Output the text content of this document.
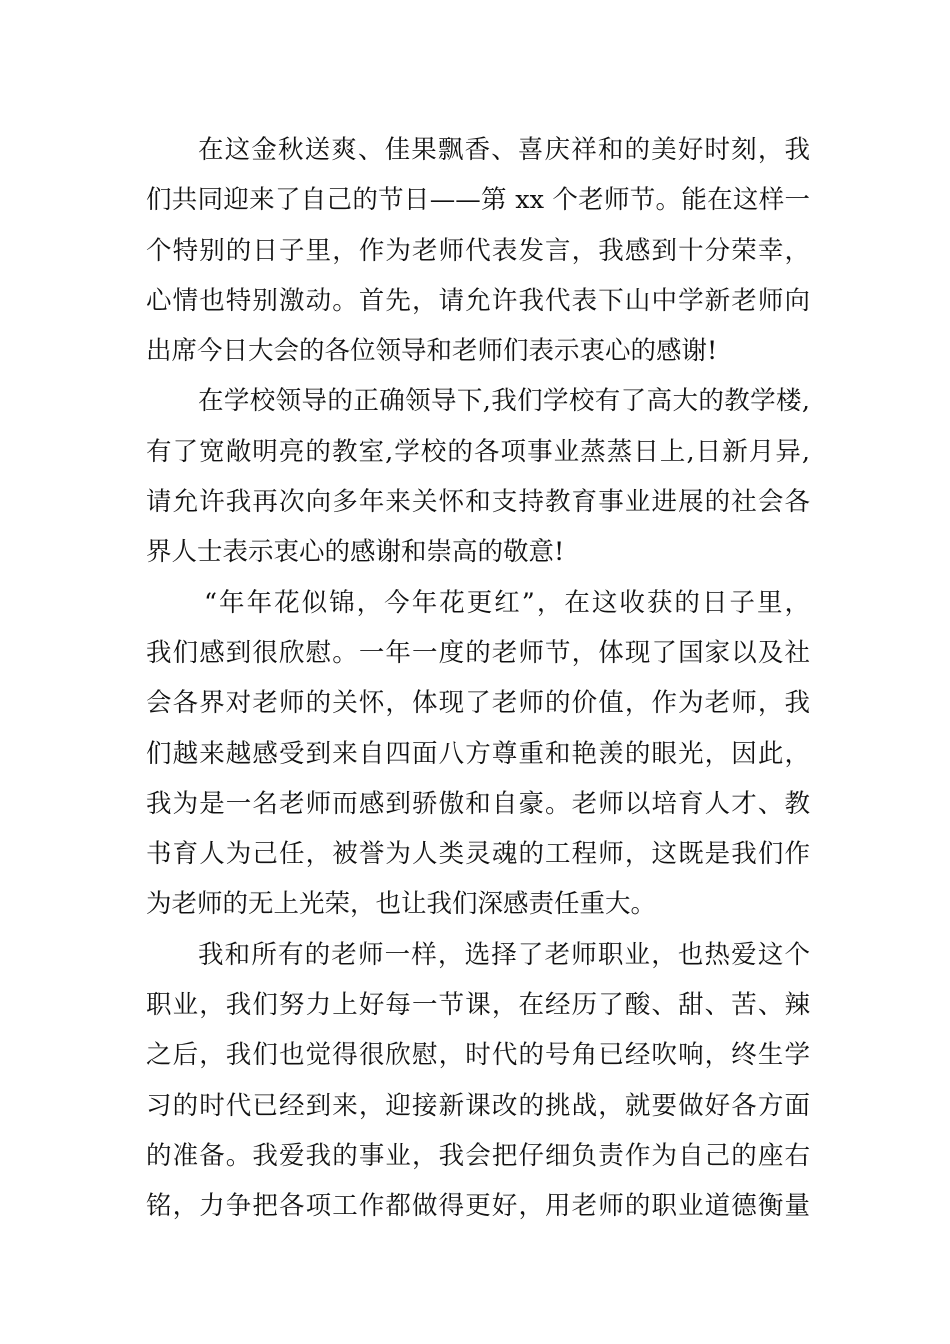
在这金秋送爽、佳果飘香、喜庆祥和的美好时刻，我
们共同迎来了自己的节日——第 xx 个老师节。能在这样一
个特别的日子里，作为老师代表发言，我感到十分荣幸，
心情也特别激动。首先，请允许我代表下山中学新老师向
出席今日大会的各位领导和老师们表示衷心的感谢!
在学校领导的正确领导下,我们学校有了高大的教学楼,
有了宽敞明亮的教室,学校的各项事业蒸蒸日上,日新月异,
请允许我再次向多年来关怀和支持教育事业进展的社会各
界人士表示衷心的感谢和崇高的敬意!
“年年花似锦，今年花更红”，在这收获的日子里，
我们感到很欣慰。一年一度的老师节，体现了国家以及社
会各界对老师的关怀，体现了老师的价值，作为老师，我
们越来越感受到来自四面八方尊重和艳羡的眼光，因此，
我为是一名老师而感到骄傲和自豪。老师以培育人才、教
书育人为己任，被誉为人类灵魂的工程师，这既是我们作
为老师的无上光荣，也让我们深感责任重大。
我和所有的老师一样，选择了老师职业，也热爱这个
职业，我们努力上好每一节课，在经历了酸、甜、苦、辣
之后，我们也觉得很欣慰，时代的号角已经吹响，终生学
习的时代已经到来，迎接新课改的挑战，就要做好各方面
的准备。我爱我的事业，我会把仔细负责作为自己的座右
铭，力争把各项工作都做得更好，用老师的职业道德衡量
